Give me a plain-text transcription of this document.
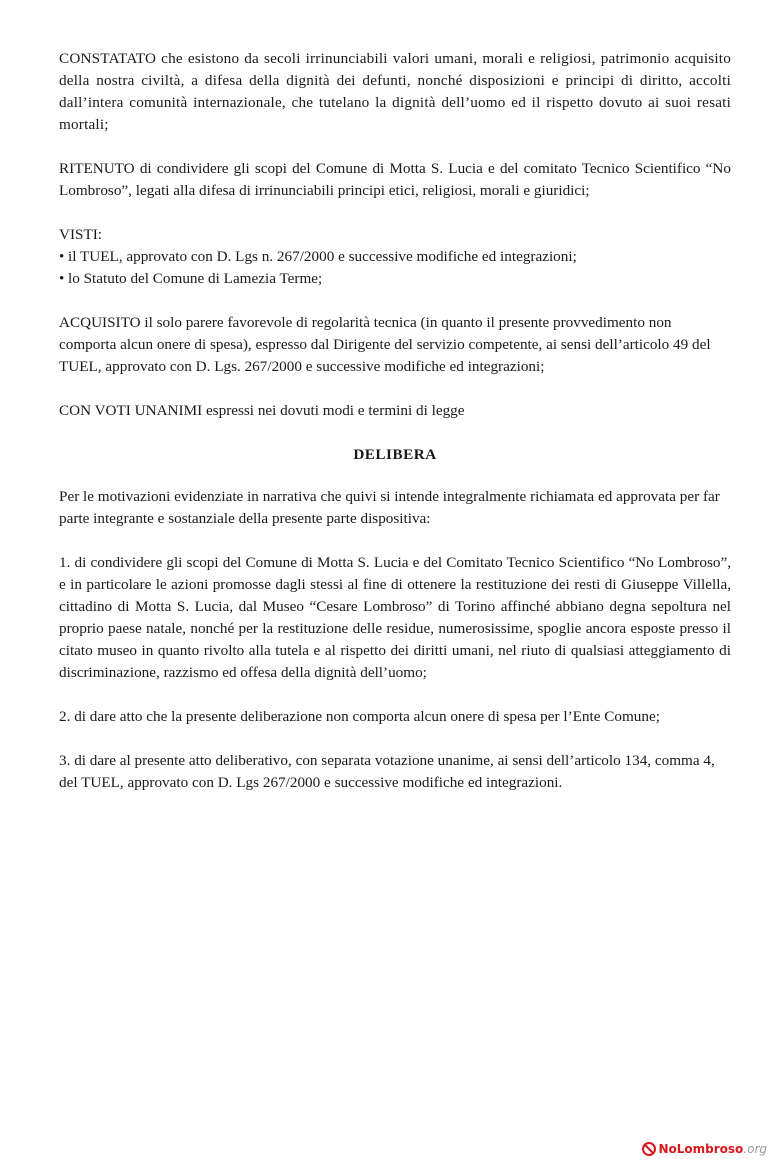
CONSTATATO che esistono da secoli irrinunciabili valori umani, morali e religiosi, patrimonio acquisito della nostra civiltà, a difesa della dignità dei defunti, nonché disposizioni e principi di diritto, accolti dall’intera comunità internazionale, che tutelano la dignità dell’uomo ed il rispetto dovuto ai suoi resati mortali;

RITENUTO di condividere gli scopi del Comune di Motta S. Lucia e del comitato Tecnico Scientifico “No Lombroso”, legati alla difesa di irrinunciabili principi etici, religiosi, morali e giuridici;

VISTI:
• il TUEL, approvato con D. Lgs n. 267/2000 e successive modifiche ed integrazioni;
• lo Statuto del Comune di Lamezia Terme;

ACQUISITO il solo parere favorevole di regolarità tecnica (in quanto il presente provvedimento non comporta alcun onere di spesa), espresso dal Dirigente del servizio competente, ai sensi dell’articolo 49 del TUEL, approvato con D. Lgs. 267/2000 e successive modifiche ed integrazioni;

CON VOTI UNANIMI espressi nei dovuti modi e termini di legge

DELIBERA

Per le motivazioni evidenziate in narrativa che quivi si intende integralmente richiamata ed approvata per far parte integrante e sostanziale della presente parte dispositiva:

1. di condividere gli scopi del Comune di Motta S. Lucia e del Comitato Tecnico Scientifico “No Lombroso”, e in particolare le azioni promosse dagli stessi al fine di ottenere la restituzione dei resti di Giuseppe Villella, cittadino di Motta S. Lucia, dal Museo “Cesare Lombroso” di Torino affinché abbiano degna sepoltura nel proprio paese natale, nonché per la restituzione delle residue, numerosissime, spoglie ancora esposte presso il citato museo in quanto rivolto alla tutela e al rispetto dei diritti umani, nel riuto di qualsiasi atteggiamento di discriminazione, razzismo ed offesa della dignità dell’uomo;

2. di dare atto che la presente deliberazione non comporta alcun onere di spesa per l’Ente Comune;

3. di dare al presente atto deliberativo, con separata votazione unanime, ai sensi dell’articolo 134, comma 4, del TUEL, approvato con D. Lgs 267/2000 e successive modifiche ed integrazioni.

NoLombroso .org
